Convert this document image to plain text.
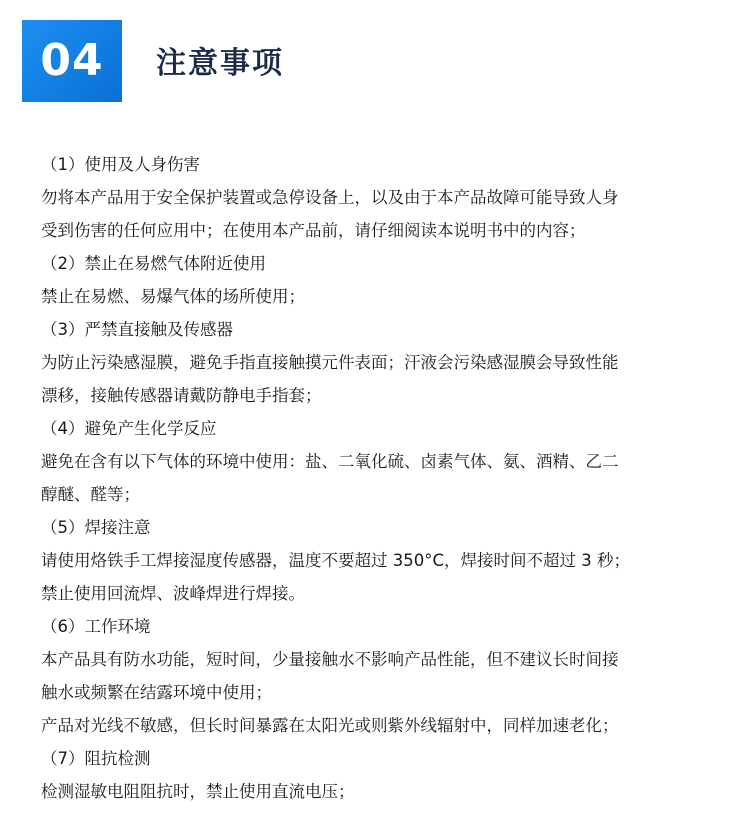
04	注意事项
（1）使用及人身伤害
勿将本产品用于安全保护装置或急停设备上，以及由于本产品故障可能导致人身
受到伤害的任何应用中；在使用本产品前，请仔细阅读本说明书中的内容；
（2）禁止在易燃气体附近使用
禁止在易燃、易爆气体的场所使用；
（3）严禁直接触及传感器
为防止污染感湿膜，避免手指直接触摸元件表面；汗液会污染感湿膜会导致性能
漂移，接触传感器请戴防静电手指套；
（4）避免产生化学反应
避免在含有以下气体的环境中使用：盐、二氧化硫、卤素气体、氨、酒精、乙二
醇醚、醛等；
（5）焊接注意
请使用烙铁手工焊接湿度传感器，温度不要超过 350°C，焊接时间不超过 3 秒；
禁止使用回流焊、波峰焊进行焊接。
（6）工作环境
本产品具有防水功能，短时间，少量接触水不影响产品性能，但不建议长时间接
触水或频繁在结露环境中使用；
产品对光线不敏感，但长时间暴露在太阳光或则紫外线辐射中，同样加速老化；
（7）阻抗检测
检测湿敏电阻阻抗时，禁止使用直流电压；
